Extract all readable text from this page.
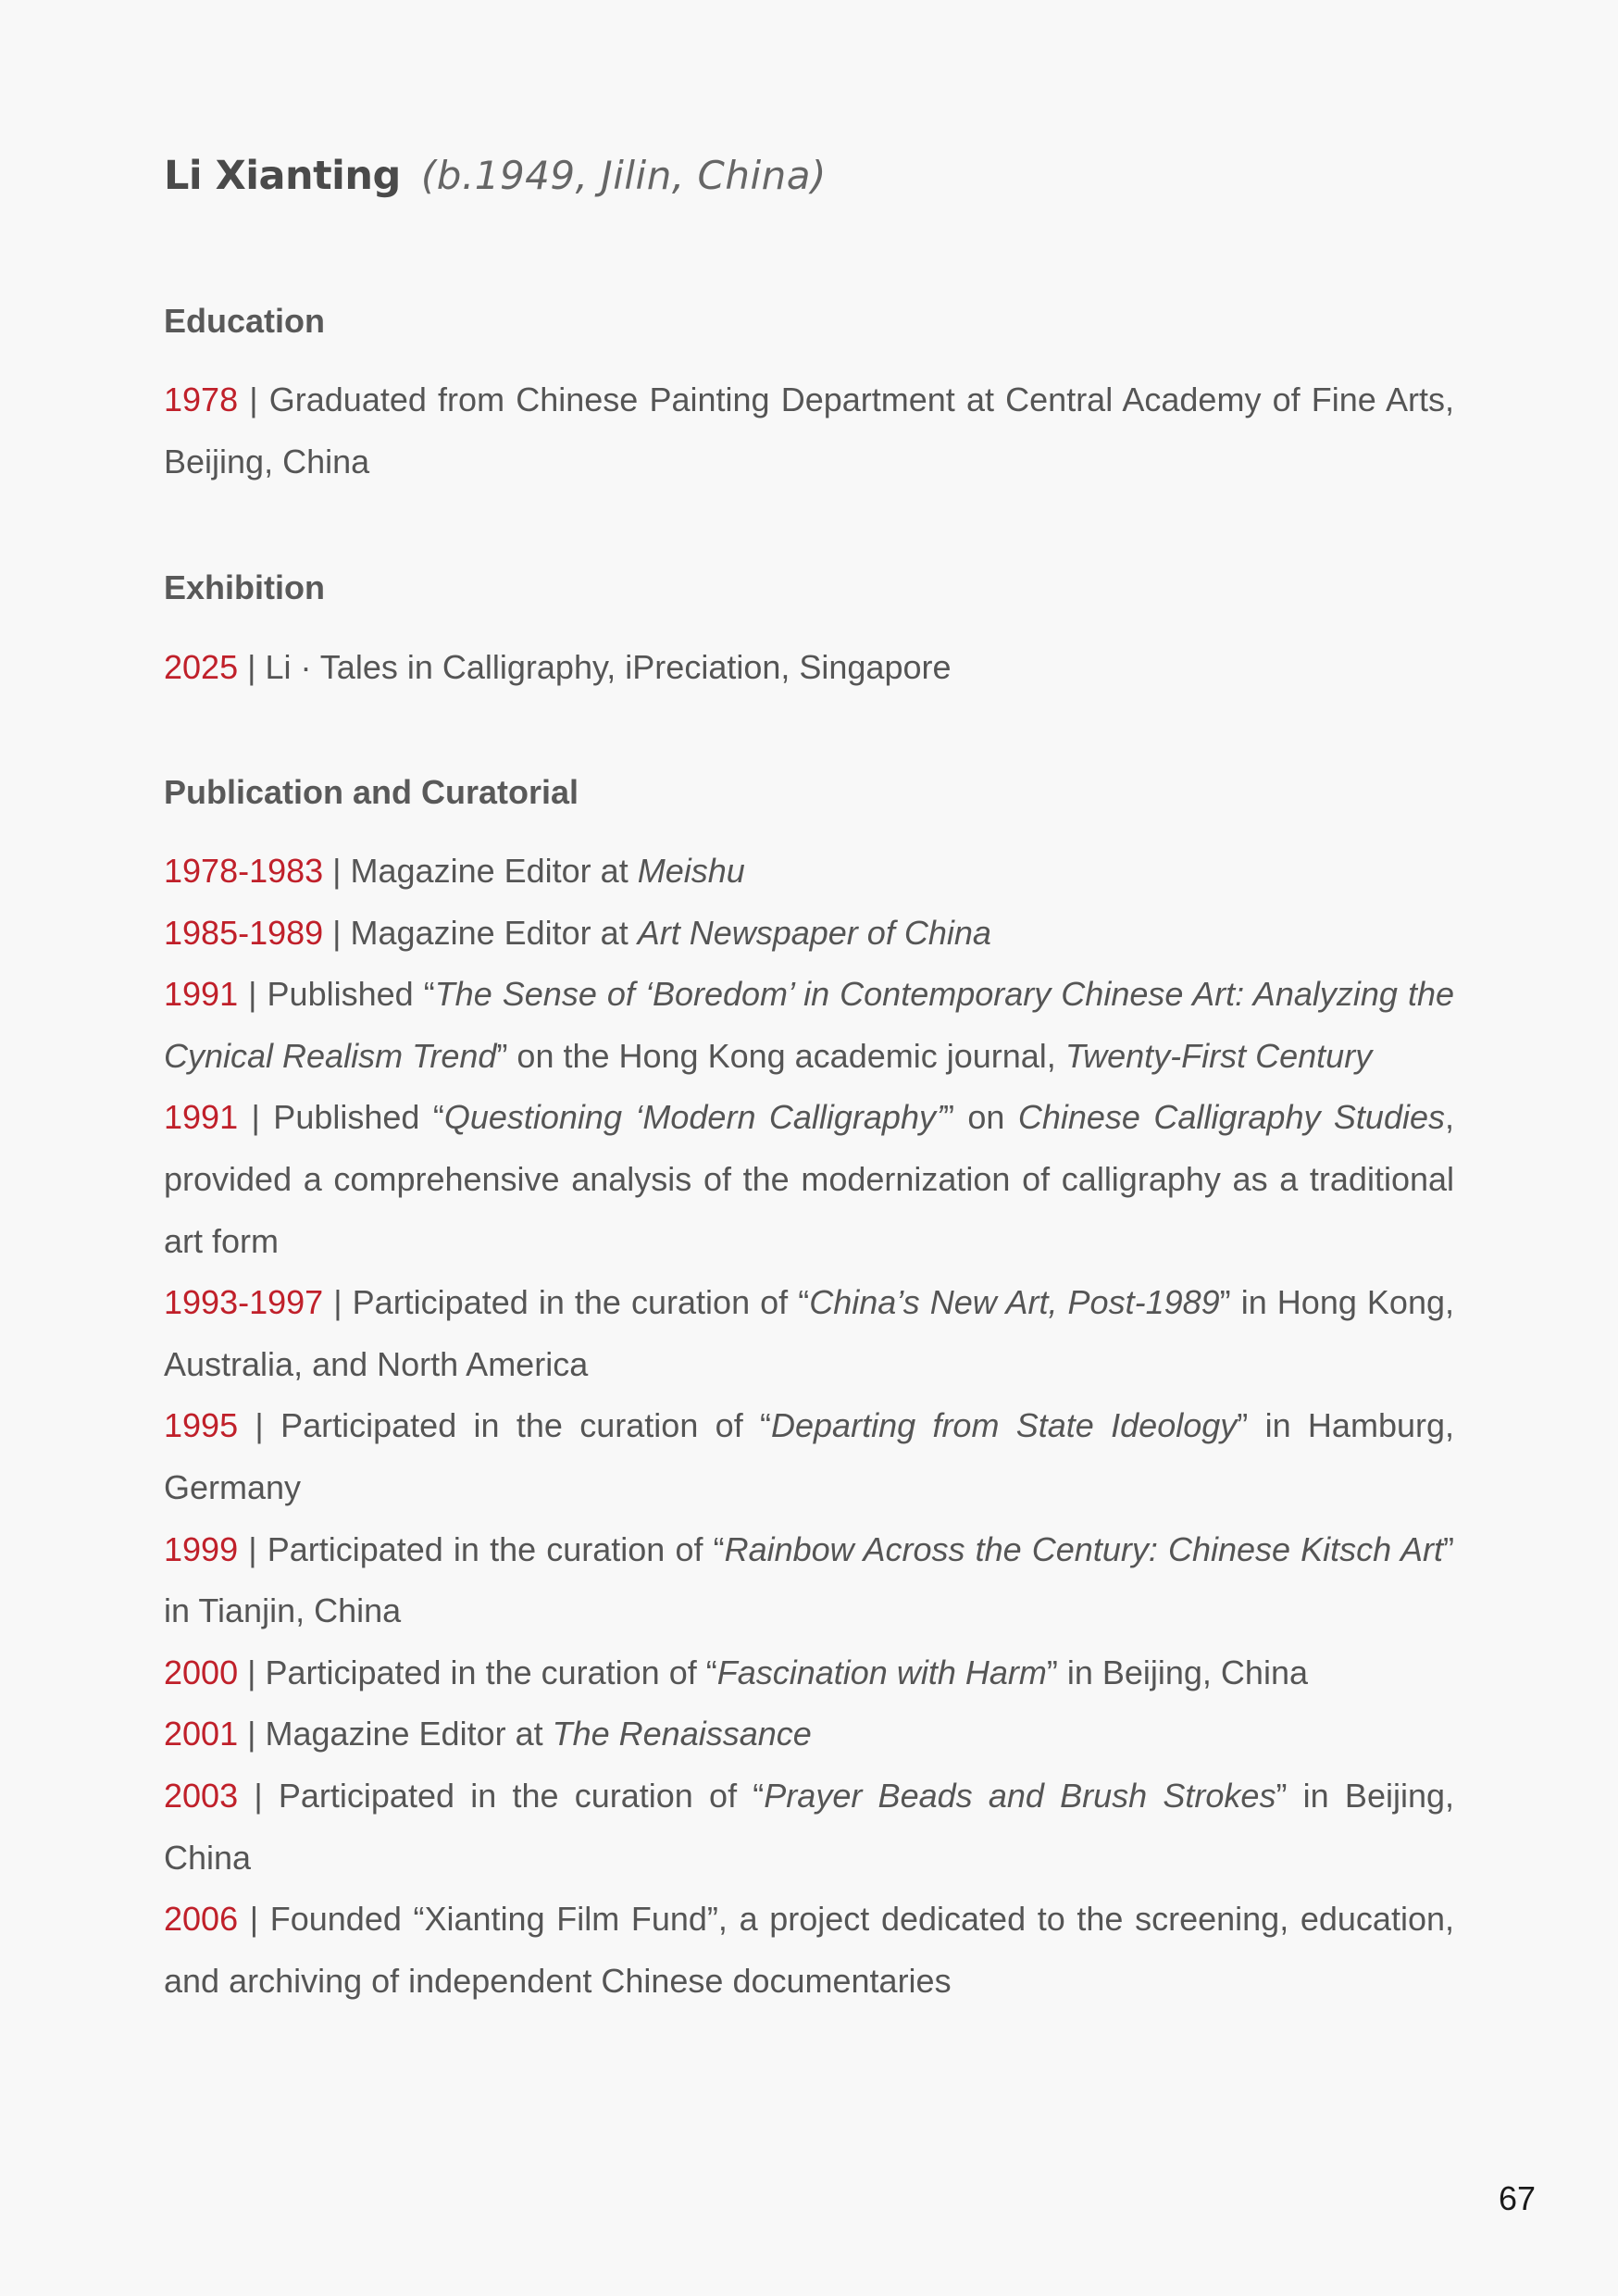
Li Xianting (b.1949, Jilin, China)
Education

1978 | Graduated from Chinese Painting Department at Central Academy of Fine Arts, Beijing, China

Exhibition

2025 | Li · Tales in Calligraphy, iPreciation, Singapore

Publication and Curatorial

1978-1983 | Magazine Editor at Meishu

1985-1989 | Magazine Editor at Art Newspaper of China

1991 | Published “The Sense of ‘Boredom’ in Contemporary Chinese Art: Analyzing the Cynical Realism Trend” on the Hong Kong academic journal, Twenty-First Century

1991 | Published “Questioning ‘Modern Calligraphy’” on Chinese Calligraphy Studies, provided a comprehensive analysis of the modernization of calligraphy as a traditional art form

1993-1997 | Participated in the curation of “China’s New Art, Post-1989” in Hong Kong, Australia, and North America

1995 | Participated in the curation of “Departing from State Ideology” in Hamburg, Germany

1999 | Participated in the curation of “Rainbow Across the Century: Chinese Kitsch Art” in Tianjin, China

2000 | Participated in the curation of “Fascination with Harm” in Beijing, China

2001 | Magazine Editor at The Renaissance

2003 | Participated in the curation of “Prayer Beads and Brush Strokes” in Beijing, China

2006 | Founded “Xianting Film Fund”, a project dedicated to the screening, education, and archiving of independent Chinese documentaries

67
